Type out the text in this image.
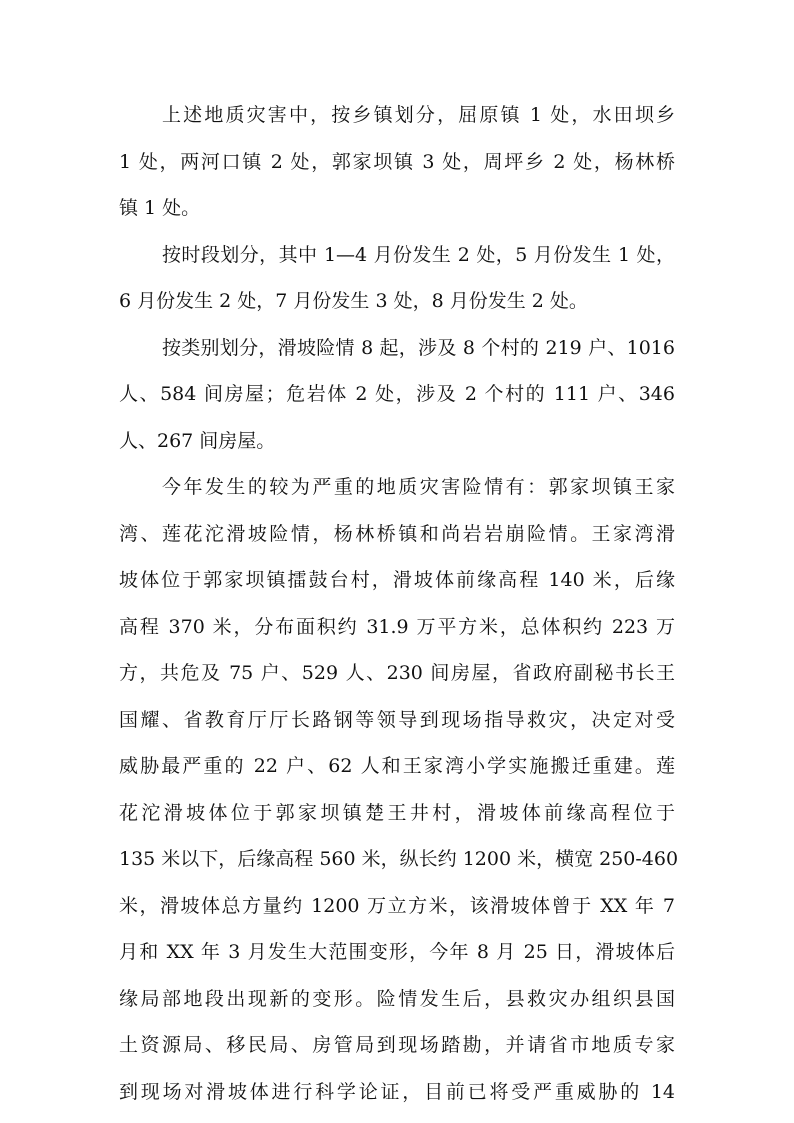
上述地质灾害中，按乡镇划分，屈原镇 1 处，水田坝乡
1 处，两河口镇 2 处，郭家坝镇 3 处，周坪乡 2 处，杨林桥
镇 1 处。
按时段划分，其中 1—4 月份发生 2 处，5 月份发生 1 处，
6 月份发生 2 处，7 月份发生 3 处，8 月份发生 2 处。
按类别划分，滑坡险情 8 起，涉及 8 个村的 219 户、1016
人、584 间房屋；危岩体 2 处，涉及 2 个村的 111 户、346
人、267 间房屋。
今年发生的较为严重的地质灾害险情有：郭家坝镇王家
湾、莲花沱滑坡险情，杨林桥镇和尚岩岩崩险情。王家湾滑
坡体位于郭家坝镇擂鼓台村，滑坡体前缘高程 140 米，后缘
高程 370 米，分布面积约 31.9 万平方米，总体积约 223 万
方，共危及 75 户、529 人、230 间房屋，省政府副秘书长王
国耀、省教育厅厅长路钢等领导到现场指导救灾，决定对受
威胁最严重的 22 户、62 人和王家湾小学实施搬迁重建。莲
花沱滑坡体位于郭家坝镇楚王井村，滑坡体前缘高程位于
135 米以下，后缘高程 560 米，纵长约 1200 米，横宽 250-460
米，滑坡体总方量约 1200 万立方米，该滑坡体曾于 XX 年 7
月和 XX 年 3 月发生大范围变形，今年 8 月 25 日，滑坡体后
缘局部地段出现新的变形。险情发生后，县救灾办组织县国
土资源局、移民局、房管局到现场踏勘，并请省市地质专家
到现场对滑坡体进行科学论证，目前已将受严重威胁的 14
